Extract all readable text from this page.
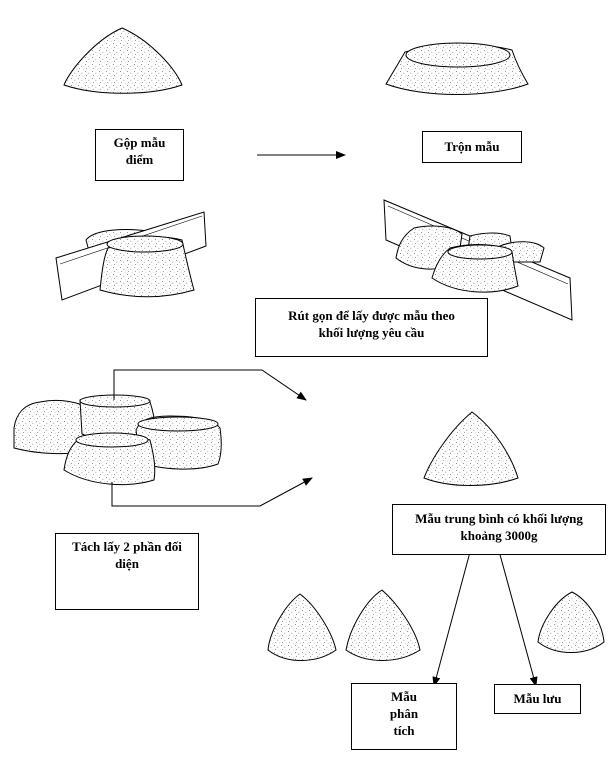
Gộp mẫu điểm
Trộn mẫu
Rút gọn để lấy được mẫu theo khối lượng yêu cầu
Tách lấy 2 phần đối diện
Mẫu trung bình có khối lượng khoảng 3000g
Mẫu phân tích
Mẫu lưu
